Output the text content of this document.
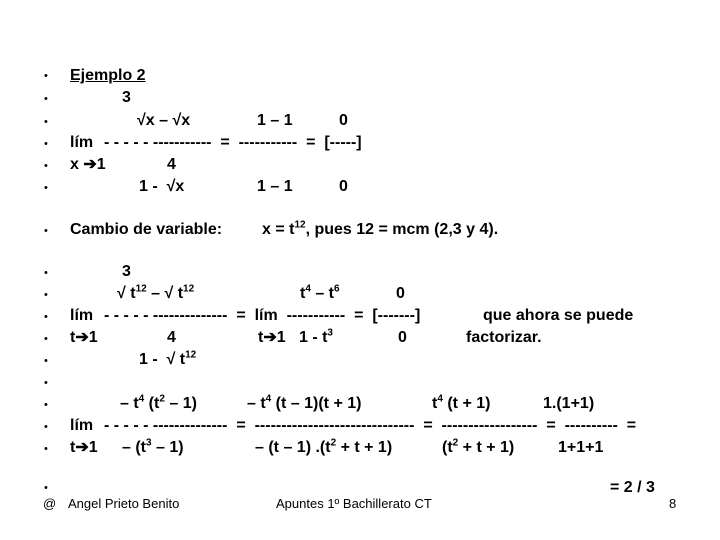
•
•
•
•
•
•
•
•
•
•
•
•
•
•
•
•
•
Ejemplo 2
3
√x – √x	1 – 1	0
lím - - - - - -----------  =  -----------  =  [-----]
x ➔1	4
1 -  √x	1 – 1	0
Cambio de variable: $x = t^{12}$, pues 12 = mcm (2,3 y 4).
3
√ $t^{12}$ – √ $t^{12}$	$t^4 - t^6$	0
lím - - - - - --------------  =  lím  -----------  =  [-------]	que ahora se puede
t➔1	4	t➔1   $1 - t^3$	0	factorizar.
1 -  √ $t^{12}$
– $t^4$ $(t^2 - 1)$	– $t^4$ (t – 1)(t + 1)	$t^4$ (t + 1)	1.(1+1)
lím - - - - - --------------  =  ------------------------------  =  ------------------  =  ----------  =
t➔1 – $(t^3 - 1)$	– (t – 1) $.(t^2 + t + 1)$	$(t^2 + t + 1)$	1+1+1
= 2 / 3
@ Angel Prieto Benito	Apuntes 1º Bachillerato CT	8
